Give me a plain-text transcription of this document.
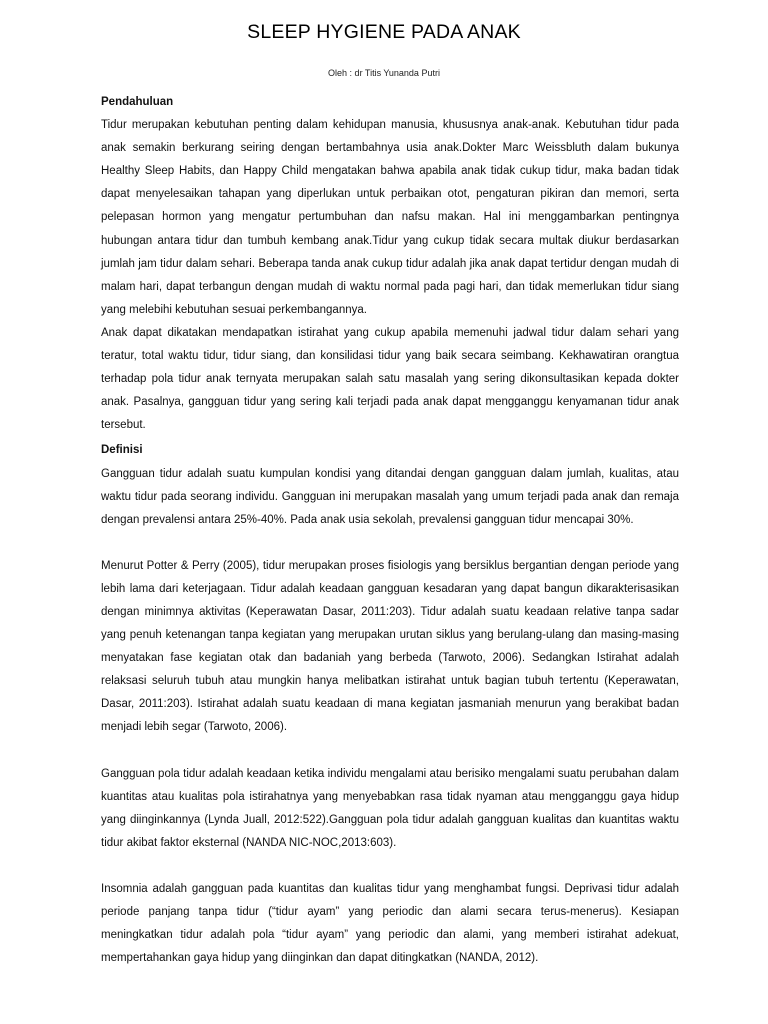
SLEEP HYGIENE PADA ANAK
Oleh : dr Titis Yunanda Putri
Pendahuluan

Tidur merupakan kebutuhan penting dalam kehidupan manusia, khususnya anak-anak. Kebutuhan tidur pada anak semakin berkurang seiring dengan bertambahnya usia anak.Dokter Marc Weissbluth dalam bukunya Healthy Sleep Habits, dan Happy Child mengatakan bahwa apabila anak tidak cukup tidur, maka badan tidak dapat menyelesaikan tahapan yang diperlukan untuk perbaikan otot, pengaturan pikiran dan memori, serta pelepasan hormon yang mengatur pertumbuhan dan nafsu makan. Hal ini menggambarkan pentingnya hubungan antara tidur dan tumbuh kembang anak.Tidur yang cukup tidak secara multak diukur berdasarkan jumlah jam tidur dalam sehari. Beberapa tanda anak cukup tidur adalah jika anak dapat tertidur dengan mudah di malam hari, dapat terbangun dengan mudah di waktu normal pada pagi hari, dan tidak memerlukan tidur siang yang melebihi kebutuhan sesuai perkembangannya.

Anak dapat dikatakan mendapatkan istirahat yang cukup apabila memenuhi jadwal tidur dalam sehari yang teratur, total waktu tidur, tidur siang, dan konsilidasi tidur yang baik secara seimbang. Kekhawatiran orangtua terhadap pola tidur anak ternyata merupakan salah satu masalah yang sering dikonsultasikan kepada dokter anak. Pasalnya, gangguan tidur yang sering kali terjadi pada anak dapat mengganggu kenyamanan tidur anak tersebut.

Definisi

Gangguan tidur adalah suatu kumpulan kondisi yang ditandai dengan gangguan dalam jumlah, kualitas, atau waktu tidur pada seorang individu. Gangguan ini merupakan masalah yang umum terjadi pada anak dan remaja dengan prevalensi antara 25%-40%. Pada anak usia sekolah, prevalensi gangguan tidur mencapai 30%.

Menurut Potter & Perry (2005), tidur merupakan proses fisiologis yang bersiklus bergantian dengan periode yang lebih lama dari keterjagaan. Tidur adalah keadaan gangguan kesadaran yang dapat bangun dikarakterisasikan dengan minimnya aktivitas (Keperawatan Dasar, 2011:203). Tidur adalah suatu keadaan relative tanpa sadar yang penuh ketenangan tanpa kegiatan yang merupakan urutan siklus yang berulang-ulang dan masing-masing menyatakan fase kegiatan otak dan badaniah yang berbeda (Tarwoto, 2006). Sedangkan Istirahat adalah relaksasi seluruh tubuh atau mungkin hanya melibatkan istirahat untuk bagian tubuh tertentu (Keperawatan, Dasar, 2011:203). Istirahat adalah suatu keadaan di mana kegiatan jasmaniah menurun yang berakibat badan menjadi lebih segar (Tarwoto, 2006).

Gangguan pola tidur adalah keadaan ketika individu mengalami atau berisiko mengalami suatu perubahan dalam kuantitas atau kualitas pola istirahatnya yang menyebabkan rasa tidak nyaman atau mengganggu gaya hidup yang diinginkannya (Lynda Juall, 2012:522).Gangguan pola tidur adalah gangguan kualitas dan kuantitas waktu tidur akibat faktor eksternal (NANDA NIC-NOC,2013:603).

Insomnia adalah gangguan pada kuantitas dan kualitas tidur yang menghambat fungsi. Deprivasi tidur adalah periode panjang tanpa tidur (“tidur ayam” yang periodic dan alami secara terus-menerus). Kesiapan meningkatkan tidur adalah pola “tidur ayam” yang periodic dan alami, yang memberi istirahat adekuat, mempertahankan gaya hidup yang diinginkan dan dapat ditingkatkan (NANDA, 2012).
